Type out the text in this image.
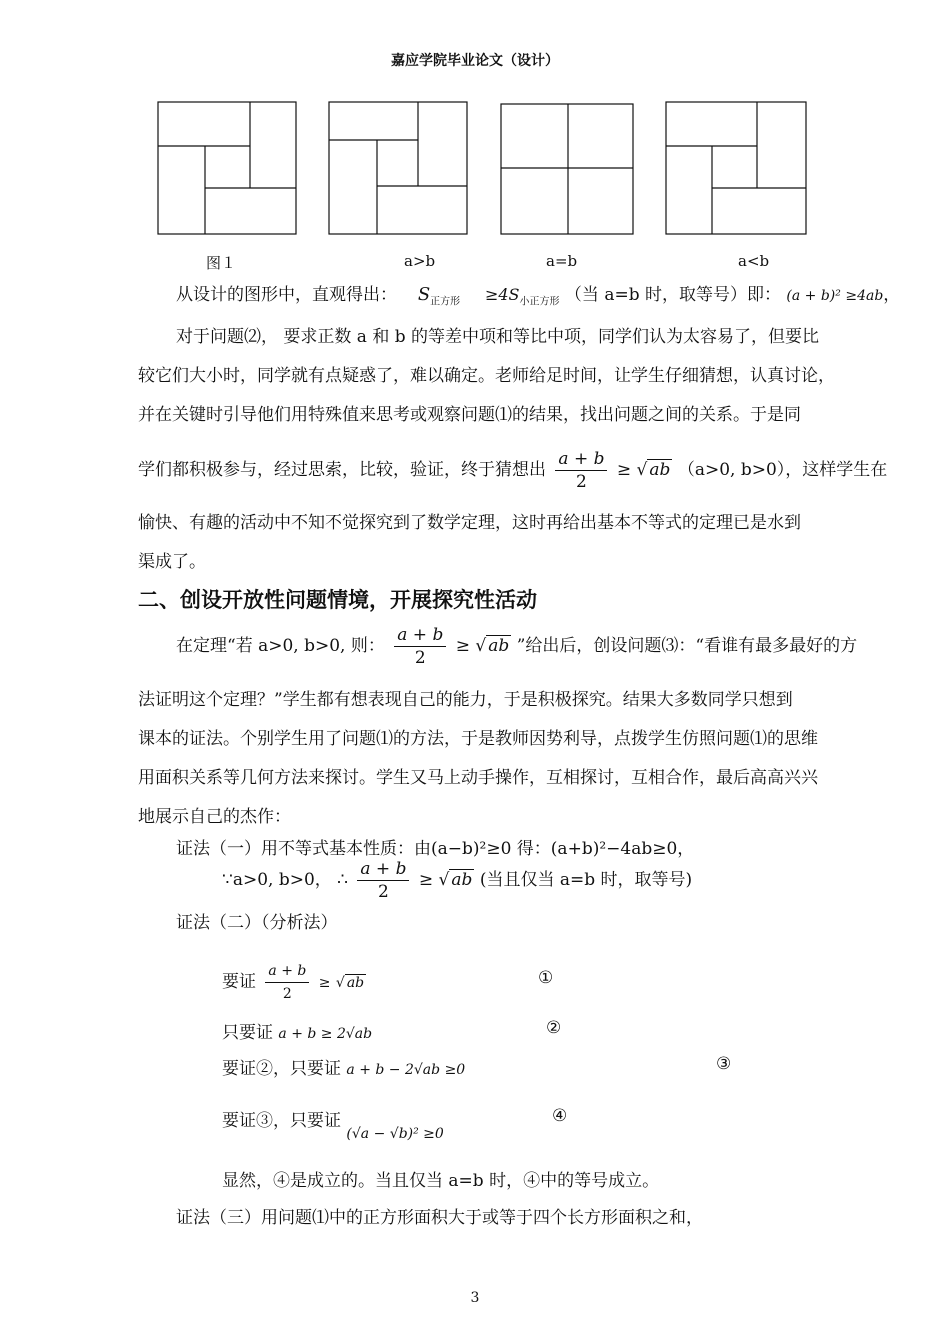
嘉应学院毕业论文（设计）
图１	a>b	a=b	a<b
从设计的图形中，直观得出： $S_{正方形} \ge 4S_{小正方形}$ （当 a=b 时，取等号）即： (a + b)² ≥4ab，
对于问题⑵， 要求正数 a 和 b 的等差中项和等比中项，同学们认为太容易了，但要比
较它们大小时，同学就有点疑惑了，难以确定。老师给足时间，让学生仔细猜想，认真讨论，
并在关键时引导他们用特殊值来思考或观察问题⑴的结果，找出问题之间的关系。于是同
学们都积极参与，经过思索，比较，验证，终于猜想出 $\frac{a + b}{2}$ ≥ √ ab （a>0, b>0），这样学生在
愉快、有趣的活动中不知不觉探究到了数学定理，这时再给出基本不等式的定理已是水到
渠成了。
二、创设开放性问题情境，开展探究性活动
在定理“若 a>0, b>0, 则： $\frac{a + b}{2}$ ≥ √ ab ”给出后，创设问题⑶：“看谁有最多最好的方
法证明这个定理？”学生都有想表现自己的能力，于是积极探究。结果大多数同学只想到
课本的证法。个别学生用了问题⑴的方法，于是教师因势利导，点拨学生仿照问题⑴的思维
用面积关系等几何方法来探讨。学生又马上动手操作，互相探讨，互相合作，最后高高兴兴
地展示自己的杰作：
证法（一）用不等式基本性质：由(a−b)²≥0 得：(a+b)²−4ab≥0，
∵a>0, b>0， ∴ $\frac{a + b}{2}$ ≥ √ ab (当且仅当 a=b 时，取等号)
证法（二）（分析法）
要证 $\frac{a + b}{2}$ ≥ √ ab	①
只要证 a + b ≥ 2√ab	②
要证②，只要证 a + b − 2√ab ≥0	③
要证③，只要证 $_{(√a - √b)^2 \ge 0}$
④
显然，④是成立的。当且仅当 a=b 时，④中的等号成立。
证法（三）用问题⑴中的正方形面积大于或等于四个长方形面积之和，
3
